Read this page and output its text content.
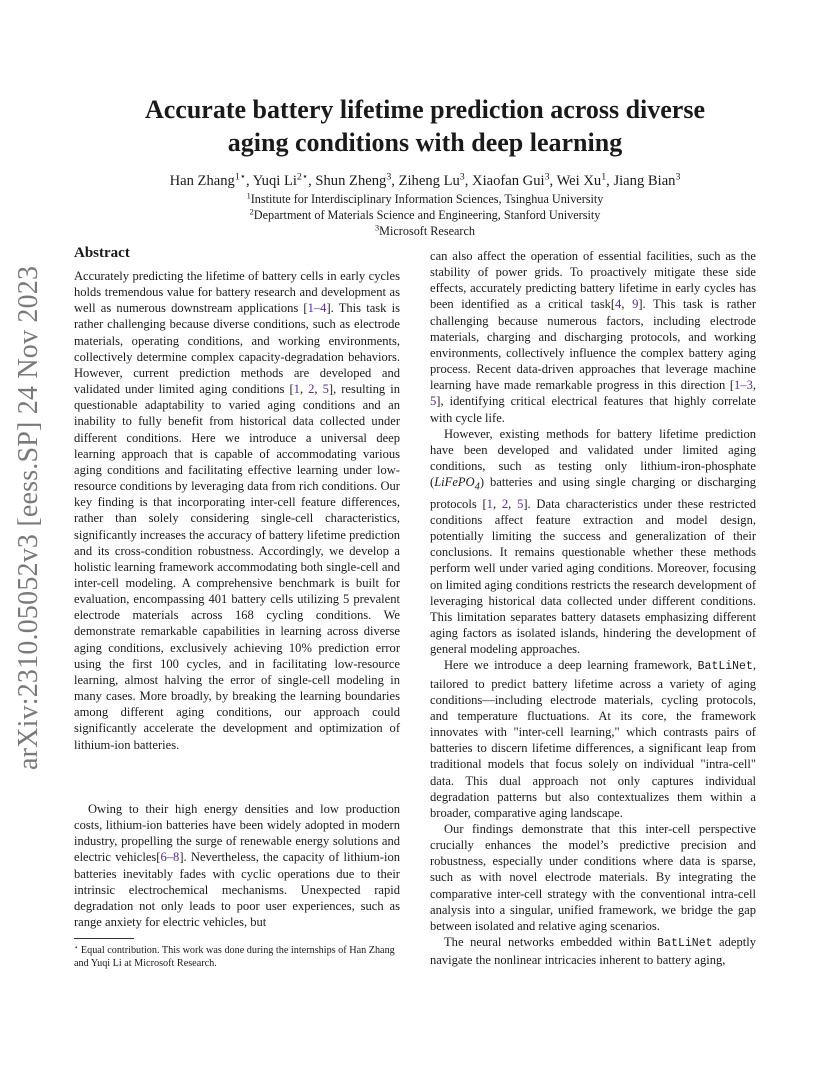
arXiv:2310.05052v3 [eess.SP] 24 Nov 2023
Accurate battery lifetime prediction across diverse
aging conditions with deep learning
Han Zhang$^{1⋆}$, Yuqi $Li^{2⋆}$, Shun Zheng$^3$, Ziheng Lu$^3$, Xiaofan Gui$^3$, Wei Xu$^1$, Jiang Bian$^3$
$^1$Institute for Interdisciplinary Information Sciences, Tsinghua University
$^2$Department of Materials Science and Engineering, Stanford University
$^3$Microsoft Research
Abstract

Accurately predicting the lifetime of battery cells in early cycles holds tremendous value for battery research and development as well as numerous downstream applications [1–4]. This task is rather challenging because diverse conditions, such as electrode materials, operating conditions, and working environments, collectively determine complex capacity-degradation behaviors. However, current prediction methods are developed and validated under limited aging conditions [1, 2, 5], resulting in questionable adaptability to varied aging conditions and an inability to fully benefit from historical data collected under different conditions. Here we introduce a universal deep learning approach that is capable of accommodating various aging conditions and facilitating effective learning under low-resource conditions by leveraging data from rich conditions. Our key finding is that incorporating inter-cell feature differences, rather than solely considering single-cell characteristics, significantly increases the accuracy of battery lifetime prediction and its cross-condition robustness. Accordingly, we develop a holistic learning framework accommodating both single-cell and inter-cell modeling. A comprehensive benchmark is built for evaluation, encompassing 401 battery cells utilizing 5 prevalent electrode materials across 168 cycling conditions. We demonstrate remarkable capabilities in learning across diverse aging conditions, exclusively achieving 10% prediction error using the first 100 cycles, and in facilitating low-resource learning, almost halving the error of single-cell modeling in many cases. More broadly, by breaking the learning boundaries among different aging conditions, our approach could significantly accelerate the development and optimization of lithium-ion batteries.

Owing to their high energy densities and low production costs, lithium-ion batteries have been widely adopted in modern industry, propelling the surge of renewable energy solutions and electric vehicles[6–8]. Nevertheless, the capacity of lithium-ion batteries inevitably fades with cyclic operations due to their intrinsic electrochemical mechanisms. Unexpected rapid degradation not only leads to poor user experiences, such as range anxiety for electric vehicles, but

⋆ Equal contribution. This work was done during the internships of Han Zhang and Yuqi Li at Microsoft Research.

can also affect the operation of essential facilities, such as the stability of power grids. To proactively mitigate these side effects, accurately predicting battery lifetime in early cycles has been identified as a critical task[4, 9]. This task is rather challenging because numerous factors, including electrode materials, charging and discharging protocols, and working environments, collectively influence the complex battery aging process. Recent data-driven approaches that leverage machine learning have made remarkable progress in this direction [1–3, 5], identifying critical electrical features that highly correlate with cycle life.

However, existing methods for battery lifetime prediction have been developed and validated under limited aging conditions, such as testing only lithium-iron-phosphate (LiFePO$_4$) batteries and using single charging or discharging protocols [1, 2, 5]. Data characteristics under these restricted conditions affect feature extraction and model design, potentially limiting the success and generalization of their conclusions. It remains questionable whether these methods perform well under varied aging conditions. Moreover, focusing on limited aging conditions restricts the research development of leveraging historical data collected under different conditions. This limitation separates battery datasets emphasizing different aging factors as isolated islands, hindering the development of general modeling approaches.

Here we introduce a deep learning framework, BatLiNet, tailored to predict battery lifetime across a variety of aging conditions—including electrode materials, cycling protocols, and temperature fluctuations. At its core, the framework innovates with "inter-cell learning," which contrasts pairs of batteries to discern lifetime differences, a significant leap from traditional models that focus solely on individual "intra-cell" data. This dual approach not only captures individual degradation patterns but also contextualizes them within a broader, comparative aging landscape.

Our findings demonstrate that this inter-cell perspective crucially enhances the model’s predictive precision and robustness, especially under conditions where data is sparse, such as with novel electrode materials. By integrating the comparative inter-cell strategy with the conventional intra-cell analysis into a singular, unified framework, we bridge the gap between isolated and relative aging scenarios.

The neural networks embedded within BatLiNet adeptly navigate the nonlinear intricacies inherent to battery aging,
